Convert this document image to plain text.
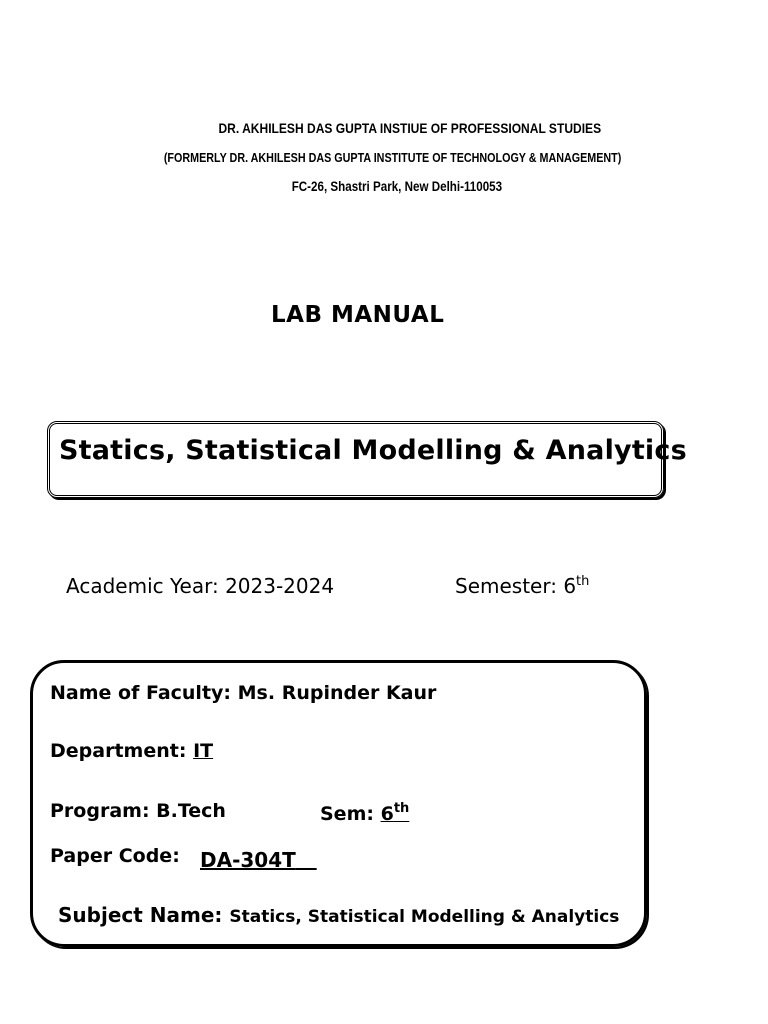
DR. AKHILESH DAS GUPTA INSTIUE OF PROFESSIONAL STUDIES
(FORMERLY DR. AKHILESH DAS GUPTA INSTITUTE OF TECHNOLOGY & MANAGEMENT)
FC-26, Shastri Park, New Delhi-110053
LAB MANUAL
Statics, Statistical Modelling & Analytics
Academic Year: 2023-2024	Semester: 6th
Name of Faculty: Ms. Rupinder Kaur
Department: IT
Program: B.Tech	Sem: 6th
Paper Code: DA-304T
Subject Name: Statics, Statistical Modelling & Analytics
